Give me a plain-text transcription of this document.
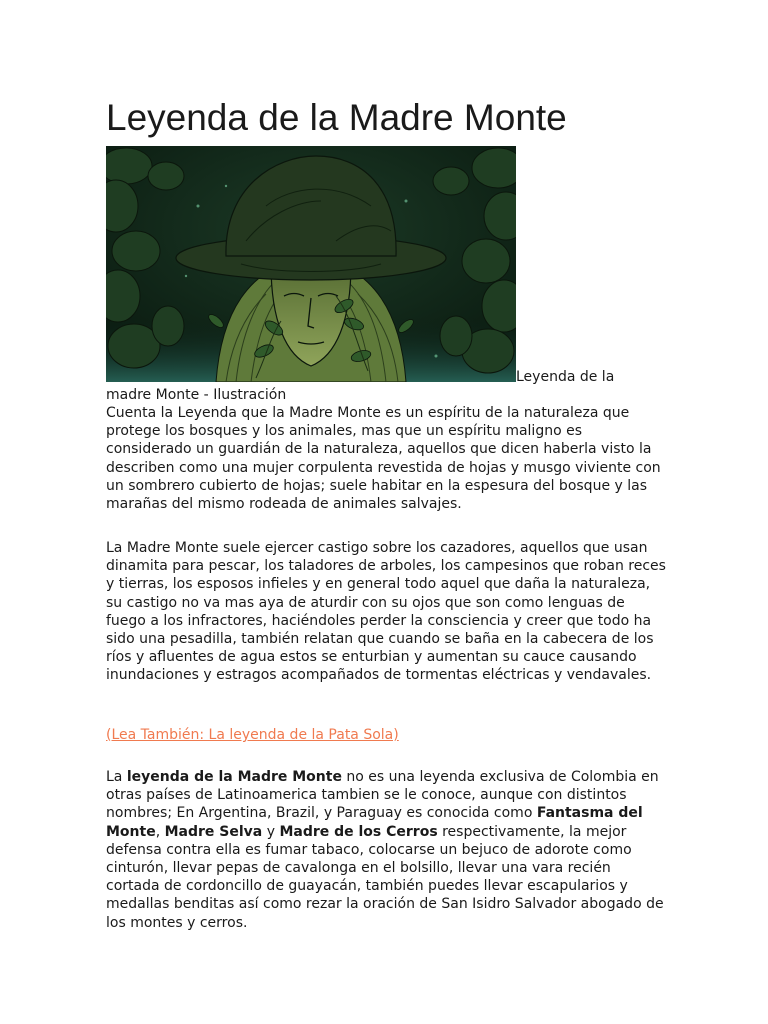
Leyenda de la Madre Monte
Leyenda de la
madre Monte - Ilustración

Cuenta la Leyenda que la Madre Monte es un espíritu de la naturaleza que protege los bosques y los animales, mas que un espíritu maligno es considerado un guardián de la naturaleza, aquellos que dicen haberla visto la describen como una mujer corpulenta revestida de hojas y musgo viviente con un sombrero cubierto de hojas; suele habitar en la espesura del bosque y las marañas del mismo rodeada de animales salvajes.

La Madre Monte suele ejercer castigo sobre los cazadores, aquellos que usan dinamita para pescar, los taladores de arboles, los campesinos que roban reces y tierras, los esposos infieles y en general todo aquel que daña la naturaleza, su castigo no va mas aya de aturdir con su ojos que son como lenguas de fuego a los infractores, haciéndoles perder la consciencia y creer que todo ha sido una pesadilla, también relatan que cuando se baña en la cabecera de los ríos y afluentes de agua estos se enturbian y aumentan su cauce causando inundaciones y estragos acompañados de tormentas eléctricas y vendavales.

(Lea También: La leyenda de la Pata Sola)

La leyenda de la Madre Monte no es una leyenda exclusiva de Colombia en otras países de Latinoamerica tambien se le conoce, aunque con distintos nombres; En Argentina, Brazil, y Paraguay es conocida como Fantasma del Monte, Madre Selva y Madre de los Cerros respectivamente, la mejor defensa contra ella es fumar tabaco, colocarse un bejuco de adorote como cinturón, llevar pepas de cavalonga en el bolsillo, llevar una vara recién cortada de cordoncillo de guayacán, también puedes llevar escapularios y medallas benditas así como rezar la oración de San Isidro Salvador abogado de los montes y cerros.
